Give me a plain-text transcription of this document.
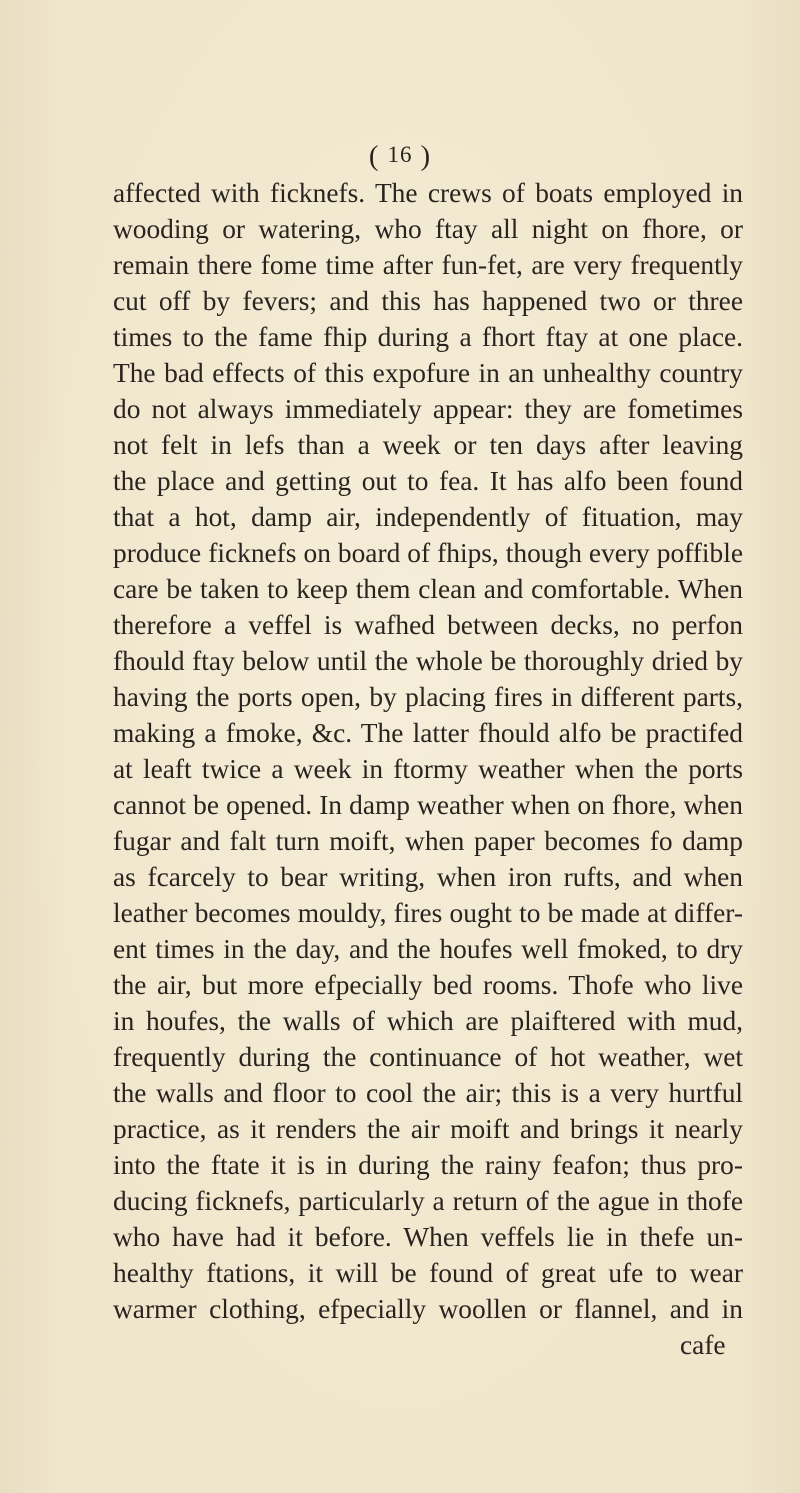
( 16 )
affected with ficknefs. The crews of boats employed in
wooding or watering, who ftay all night on fhore, or
remain there fome time after fun-fet, are very frequently
cut off by fevers; and this has happened two or three
times to the fame fhip during a fhort ftay at one place.
The bad effects of this expofure in an unhealthy country
do not always immediately appear: they are fometimes
not felt in lefs than a week or ten days after leaving
the place and getting out to fea. It has alfo been found
that a hot, damp air, independently of fituation, may
produce ficknefs on board of fhips, though every poffible
care be taken to keep them clean and comfortable. When
therefore a veffel is wafhed between decks, no perfon
fhould ftay below until the whole be thoroughly dried by
having the ports open, by placing fires in different parts,
making a fmoke, &c. The latter fhould alfo be practifed
at leaft twice a week in ftormy weather when the ports
cannot be opened. In damp weather when on fhore, when
fugar and falt turn moift, when paper becomes fo damp
as fcarcely to bear writing, when iron rufts, and when
leather becomes mouldy, fires ought to be made at differ-
ent times in the day, and the houfes well fmoked, to dry
the air, but more efpecially bed rooms. Thofe who live
in houfes, the walls of which are plaiftered with mud,
frequently during the continuance of hot weather, wet
the walls and floor to cool the air; this is a very hurtful
practice, as it renders the air moift and brings it nearly
into the ftate it is in during the rainy feafon; thus pro-
ducing ficknefs, particularly a return of the ague in thofe
who have had it before. When veffels lie in thefe un-
healthy ftations, it will be found of great ufe to wear
warmer clothing, efpecially woollen or flannel, and in
cafe
